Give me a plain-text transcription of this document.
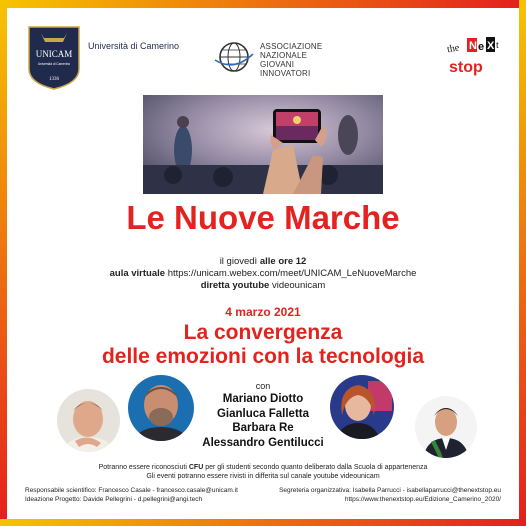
UNICAM
Università di Camerino
1336
Università di Camerino	ASSOCIAZIONE
NAZIONALE
GIOVANI
INNOVATORI
the N e X t
stop
Le Nuove Marche
il giovedì alle ore 12
aula virtuale https://unicam.webex.com/meet/UNICAM_LeNuoveMarche
diretta youtube videounicam
4 marzo 2021
La convergenza
delle emozioni con la tecnologia
con
Mariano Diotto
Gianluca Falletta
Barbara Re
Alessandro Gentilucci
Potranno essere riconosciuti CFU per gli studenti secondo quanto deliberato dalla Scuola di appartenenza
Gli eventi potranno essere rivisti in differita sul canale youtube videounicam
Responsabile scientifico: Francesco Casale - francesco.casale@unicam.it
Ideazione Progetto: Davide Pellegrini - d.pellegrini@angi.tech
Segreteria organizzativa: Isabella Parrucci - isabellaparrucci@thenextstop.eu
https://www.thenextstop.eu/Edizione_Camerino_2020/
